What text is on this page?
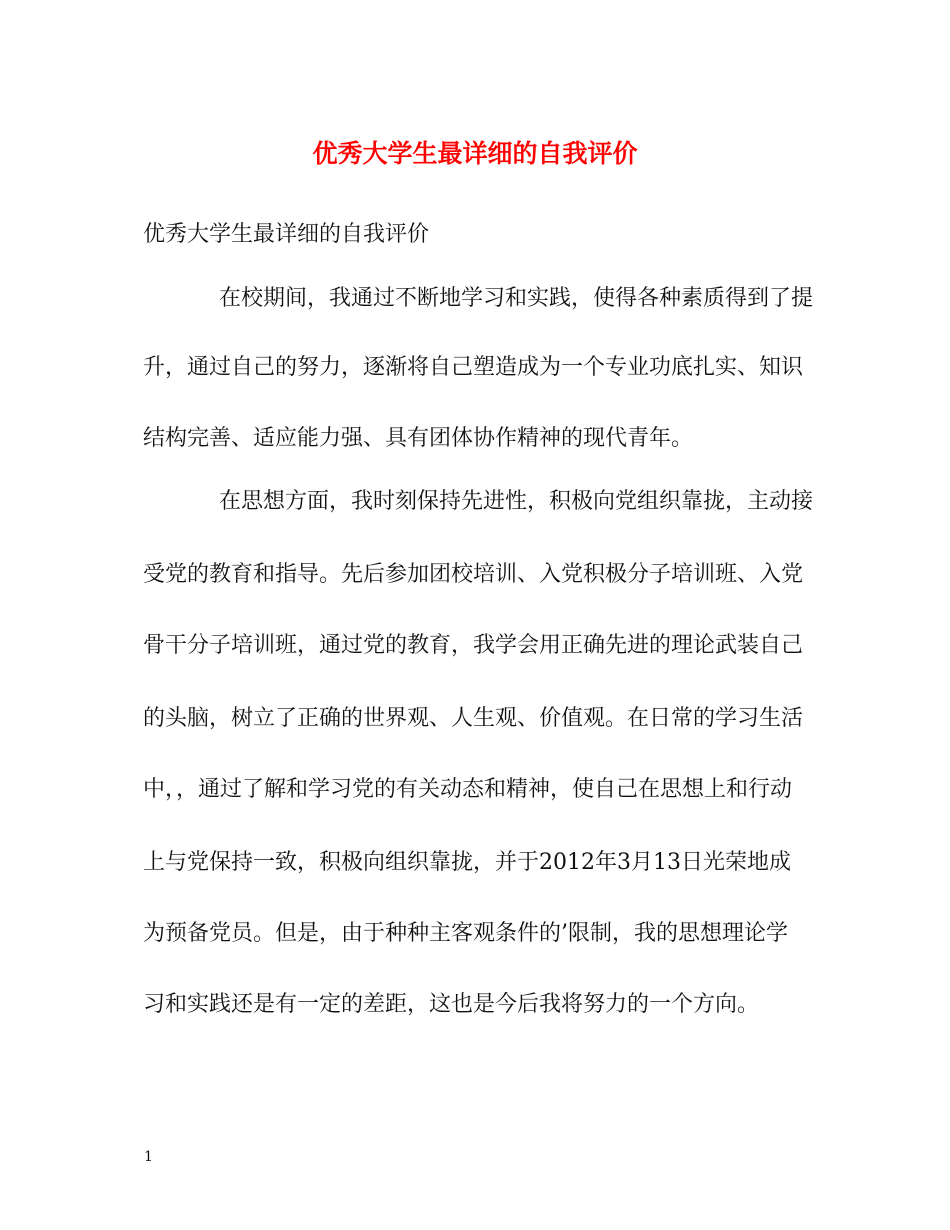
优秀大学生最详细的自我评价

优秀大学生最详细的自我评价

在校期间，我通过不断地学习和实践，使得各种素质得到了提

升，通过自己的努力，逐渐将自己塑造成为一个专业功底扎实、知识

结构完善、适应能力强、具有团体协作精神的现代青年。

在思想方面，我时刻保持先进性，积极向党组织靠拢，主动接

受党的教育和指导。先后参加团校培训、入党积极分子培训班、入党

骨干分子培训班，通过党的教育，我学会用正确先进的理论武装自己

的头脑，树立了正确的世界观、人生观、价值观。在日常的学习生活

中，，通过了解和学习党的有关动态和精神，使自己在思想上和行动

上与党保持一致，积极向组织靠拢，并于2012年3月13日光荣地成

为预备党员。但是，由于种种主客观条件的’限制，我的思想理论学

习和实践还是有一定的差距，这也是今后我将努力的一个方向。

1
